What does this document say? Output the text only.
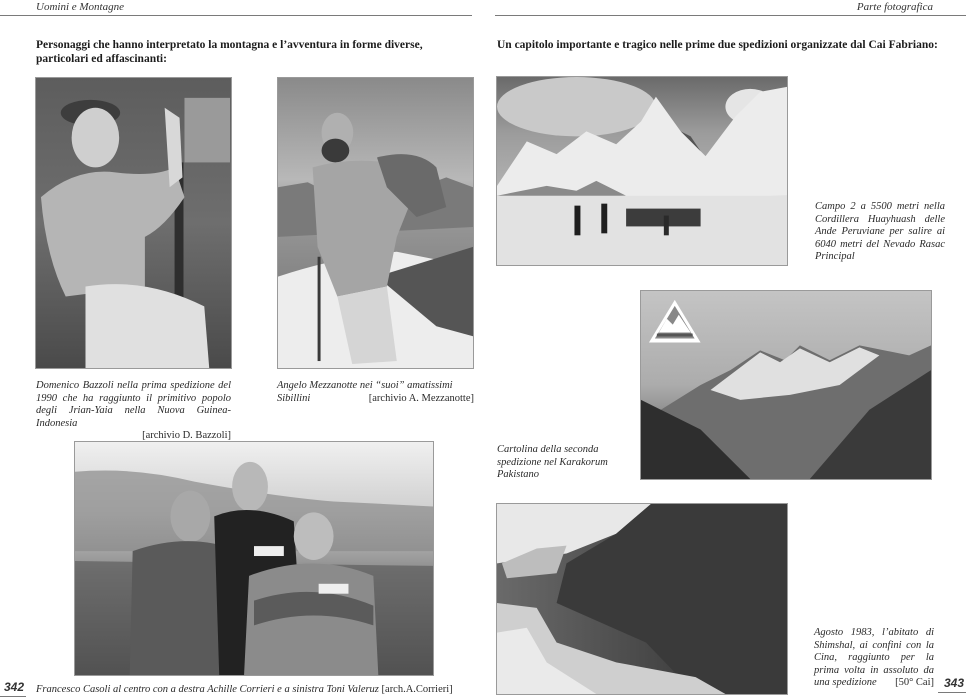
Uomini e Montagne
Personaggi che hanno interpretato la montagna e l’avventura in forme diverse, particolari ed affascinanti:
Domenico Bazzoli nella prima spedizione del 1990 che ha raggiunto il primitivo popolo degli Jrian-Yaia nella Nuova Guinea- Indonesia
[archivio D. Bazzoli]
Angelo Mezzanotte nei “suoi” amatissimi Sibillini	[archivio A. Mezzanotte]
342 Francesco Casoli al centro con a destra Achille Corrieri e a sinistra Toni Valeruz [arch.A.Corrieri]
Parte fotografica
Un capitolo importante e tragico nelle prime due spedizioni organizzate dal Cai Fabriano:
Campo 2 a 5500 metri nella Cordillera Huayhuash delle Ande Peruviane per salire ai 6040 metri del Nevado Rasac Principal
Cartolina della seconda spedizione nel Karakorum Pakistano
Agosto 1983, l’abitato di Shimshal, ai confini con la Cina, raggiunto per la prima volta in assoluto da una spedizione [50° Cai] 343
